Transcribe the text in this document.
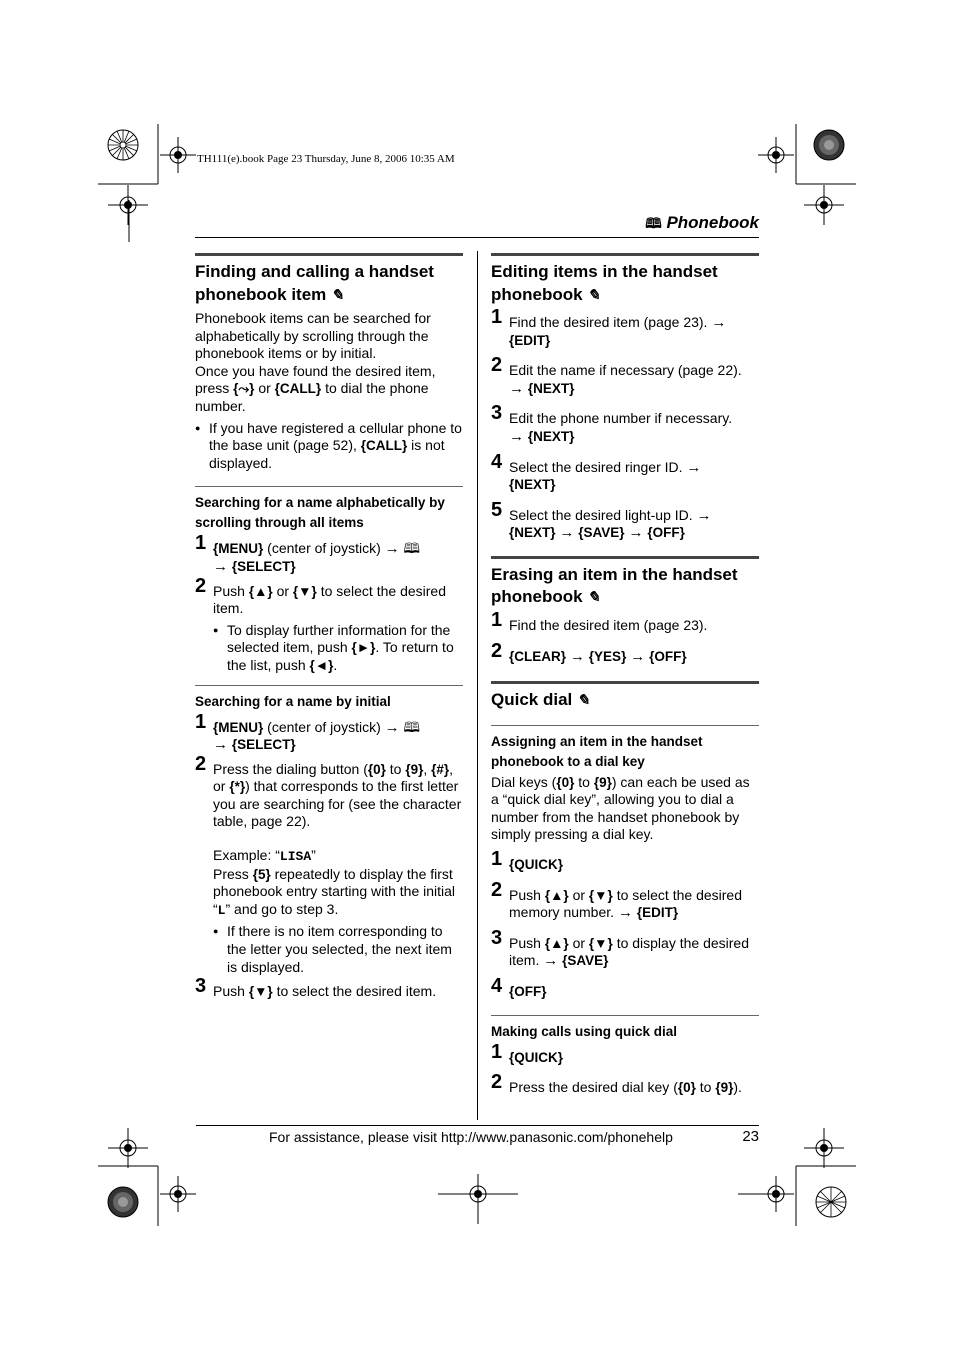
TH111(e).book Page 23 Thursday, June 8, 2006 10:35 AM
🕮 Phonebook
Finding and calling a handset phonebook item ✎

Phonebook items can be searched for alphabetically by scrolling through the phonebook items or by initial.

Once you have found the desired item, press {⤳} or {CALL} to dial the phone number.

● If you have registered a cellular phone to the base unit (page 52), {CALL} is not displayed.
Searching for a name alphabetically by scrolling through all items
1 {MENU} (center of joystick) → 🕮
→ {SELECT}
2 Push {▲} or {▼} to select the desired item.
● To display further information for the selected item, push {►}. To return to the list, push {◄}.
Searching for a name by initial
1 {MENU} (center of joystick) → 🕮
→ {SELECT}
2 Press the dialing button ({0} to {9}, {#}, or {*}) that corresponds to the first letter you are searching for (see the character table, page 22).

Example: “LISA”

Press {5} repeatedly to display the first phonebook entry starting with the initial “L” and go to step 3.

● If there is no item corresponding to the letter you selected, the next item is displayed.
3 Push {▼} to select the desired item.
Editing items in the handset phonebook ✎
1 Find the desired item (page 23). →
{EDIT}
2 Edit the name if necessary (page 22).
→ {NEXT}
3 Edit the phone number if necessary.
→ {NEXT}
4 Select the desired ringer ID. →
{NEXT}
5 Select the desired light-up ID. →
{NEXT} → {SAVE} → {OFF}
Erasing an item in the handset phonebook ✎
1 Find the desired item (page 23).
2 {CLEAR} → {YES} → {OFF}
Quick dial ✎
Assigning an item in the handset phonebook to a dial key

Dial keys ({0} to {9}) can each be used as a “quick dial key”, allowing you to dial a number from the handset phonebook by simply pressing a dial key.

1 {QUICK}
2 Push {▲} or {▼} to select the desired memory number. → {EDIT}
3 Push {▲} or {▼} to display the desired item. → {SAVE}
4 {OFF}
Making calls using quick dial
1 {QUICK}
2 Press the desired dial key ({0} to {9}).
For assistance, please visit http://www.panasonic.com/phonehelp	23
